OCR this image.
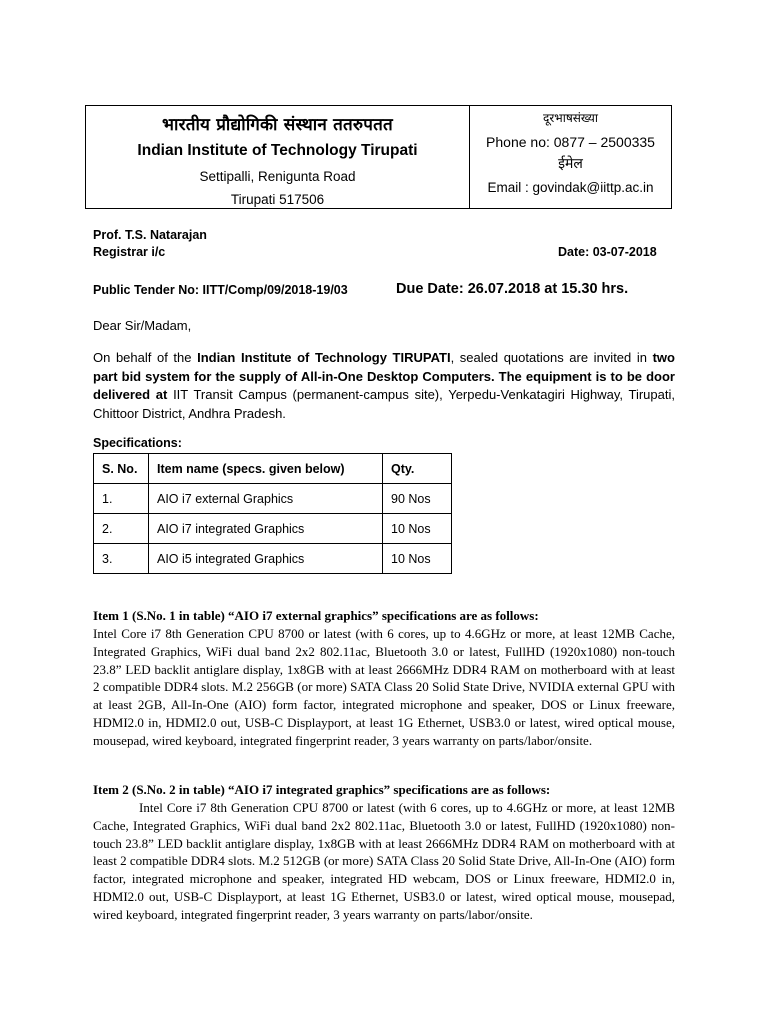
भारतीय प्रौद्योगिकी संस्थान ततरुपतत
Indian Institute of Technology Tirupati
Settipalli, Renigunta Road
Tirupati 517506
दूरभाषसंख्या
Phone no: 0877 – 2500335
ईमेल
Email : govindak@iittp.ac.in
Prof. T.S. Natarajan
Registrar i/c	Date: 03-07-2018
Public Tender No: IITT/Comp/09/2018-19/03	Due Date: 26.07.2018 at 15.30 hrs.
Dear Sir/Madam,
On behalf of the Indian Institute of Technology TIRUPATI, sealed quotations are invited in two part bid system for the supply of All-in-One Desktop Computers. The equipment is to be door delivered at IIT Transit Campus (permanent-campus site), Yerpedu-Venkatagiri Highway, Tirupati, Chittoor District, Andhra Pradesh.
Specifications:
S. No.	Item name (specs. given below)	Qty.
1.	AIO i7 external Graphics	90 Nos
2.	AIO i7 integrated Graphics	10 Nos
3.	AIO i5 integrated Graphics	10 Nos
Item 1 (S.No. 1 in table) “AIO i7 external graphics” specifications are as follows:
Intel Core i7 8th Generation CPU 8700 or latest (with 6 cores, up to 4.6GHz or more, at least 12MB Cache, Integrated Graphics, WiFi dual band 2x2 802.11ac, Bluetooth 3.0 or latest, FullHD (1920x1080) non-touch 23.8” LED backlit antiglare display, 1x8GB with at least 2666MHz DDR4 RAM on motherboard with at least 2 compatible DDR4 slots. M.2 256GB (or more) SATA Class 20 Solid State Drive, NVIDIA external GPU with at least 2GB, All-In-One (AIO) form factor, integrated microphone and speaker, DOS or Linux freeware, HDMI2.0 in, HDMI2.0 out, USB-C Displayport, at least 1G Ethernet, USB3.0 or latest, wired optical mouse, mousepad, wired keyboard, integrated fingerprint reader, 3 years warranty on parts/labor/onsite.
Item 2 (S.No. 2 in table) “AIO i7 integrated graphics” specifications are as follows:
Intel Core i7 8th Generation CPU 8700 or latest (with 6 cores, up to 4.6GHz or more, at least 12MB Cache, Integrated Graphics, WiFi dual band 2x2 802.11ac, Bluetooth 3.0 or latest, FullHD (1920x1080) non-touch 23.8” LED backlit antiglare display, 1x8GB with at least 2666MHz DDR4 RAM on motherboard with at least 2 compatible DDR4 slots. M.2 512GB (or more) SATA Class 20 Solid State Drive, All-In-One (AIO) form factor, integrated microphone and speaker, integrated HD webcam, DOS or Linux freeware, HDMI2.0 in, HDMI2.0 out, USB-C Displayport, at least 1G Ethernet, USB3.0 or latest, wired optical mouse, mousepad, wired keyboard, integrated fingerprint reader, 3 years warranty on parts/labor/onsite.
